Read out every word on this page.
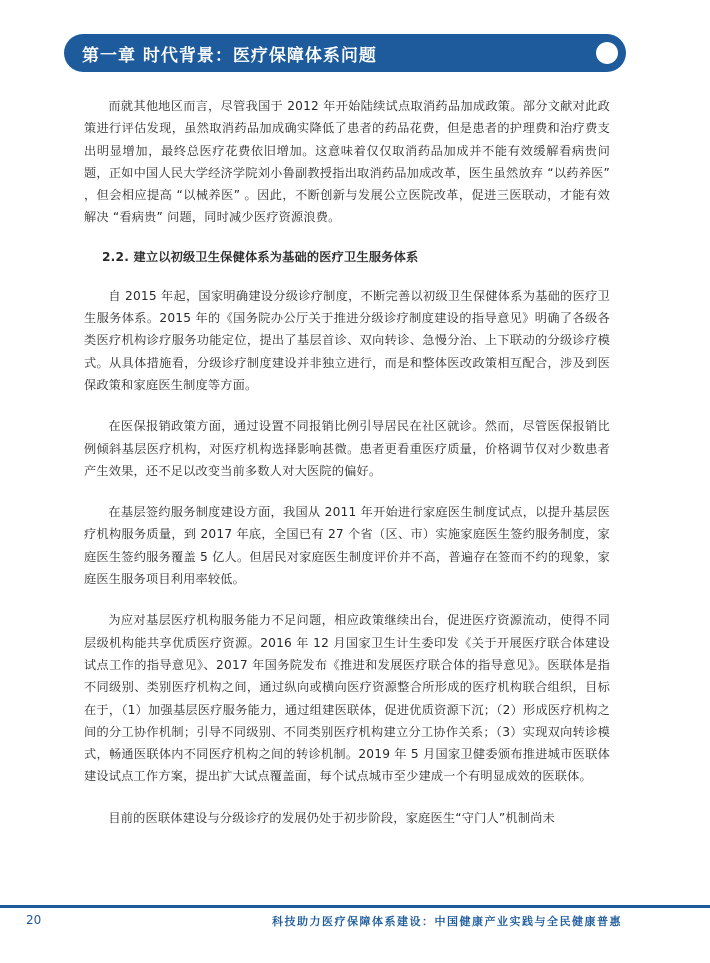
第一章 时代背景：医疗保障体系问题

而就其他地区而言，尽管我国于 2012 年开始陆续试点取消药品加成政策。部分文献对此政策进行评估发现，虽然取消药品加成确实降低了患者的药品花费，但是患者的护理费和治疗费支出明显增加，最终总医疗花费依旧增加。这意味着仅仅取消药品加成并不能有效缓解看病贵问题，正如中国人民大学经济学院刘小鲁副教授指出取消药品加成改革，医生虽然放弃 “以药养医” ，但会相应提高 “以械养医” 。因此，不断创新与发展公立医院改革，促进三医联动，才能有效解决 “看病贵” 问题，同时减少医疗资源浪费。

2.2. 建立以初级卫生保健体系为基础的医疗卫生服务体系

自 2015 年起，国家明确建设分级诊疗制度，不断完善以初级卫生保健体系为基础的医疗卫生服务体系。2015 年的《国务院办公厅关于推进分级诊疗制度建设的指导意见》明确了各级各类医疗机构诊疗服务功能定位，提出了基层首诊、双向转诊、急慢分治、上下联动的分级诊疗模式。从具体措施看，分级诊疗制度建设并非独立进行，而是和整体医改政策相互配合，涉及到医保政策和家庭医生制度等方面。

在医保报销政策方面，通过设置不同报销比例引导居民在社区就诊。然而，尽管医保报销比例倾斜基层医疗机构，对医疗机构选择影响甚微。患者更看重医疗质量，价格调节仅对少数患者产生效果，还不足以改变当前多数人对大医院的偏好。

在基层签约服务制度建设方面，我国从 2011 年开始进行家庭医生制度试点，以提升基层医疗机构服务质量，到 2017 年底，全国已有 27 个省（区、市）实施家庭医生签约服务制度，家庭医生签约服务覆盖 5 亿人。但居民对家庭医生制度评价并不高，普遍存在签而不约的现象，家庭医生服务项目利用率较低。

为应对基层医疗机构服务能力不足问题，相应政策继续出台，促进医疗资源流动，使得不同层级机构能共享优质医疗资源。2016 年 12 月国家卫生计生委印发《关于开展医疗联合体建设试点工作的指导意见》、2017 年国务院发布《推进和发展医疗联合体的指导意见》。医联体是指不同级别、类别医疗机构之间，通过纵向或横向医疗资源整合所形成的医疗机构联合组织，目标在于，（1）加强基层医疗服务能力，通过组建医联体，促进优质资源下沉；（2）形成医疗机构之间的分工协作机制；引导不同级别、不同类别医疗机构建立分工协作关系；（3）实现双向转诊模式，畅通医联体内不同医疗机构之间的转诊机制。2019 年 5 月国家卫健委颁布推进城市医联体建设试点工作方案，提出扩大试点覆盖面，每个试点城市至少建成一个有明显成效的医联体。

目前的医联体建设与分级诊疗的发展仍处于初步阶段，家庭医生“守门人”机制尚未

20	科技助力医疗保障体系建设：中国健康产业实践与全民健康普惠
